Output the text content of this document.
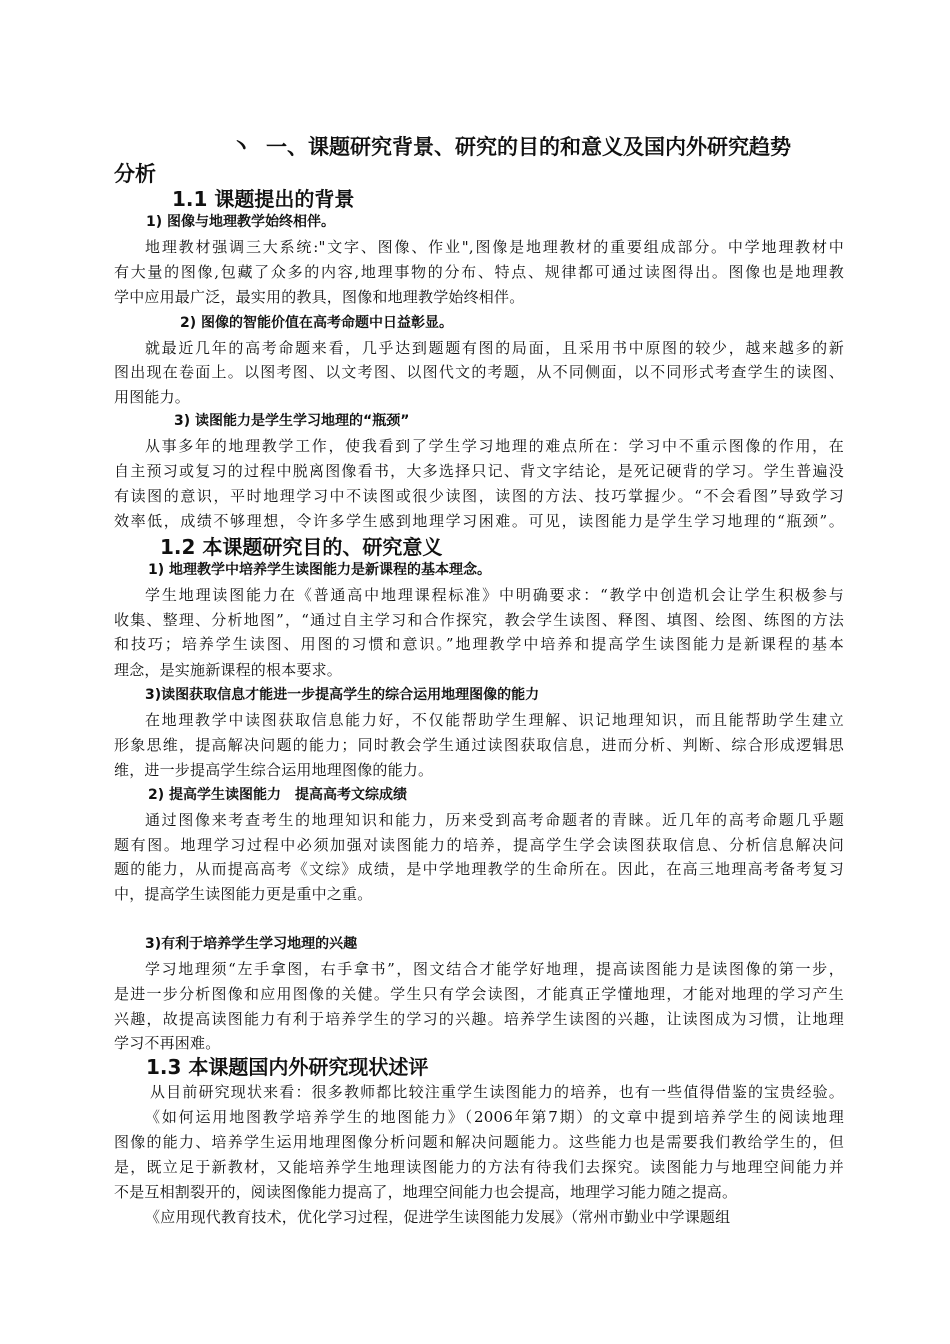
丶 一、课题研究背景、研究的目的和意义及国内外研究趋势
分析
1.1 课题提出的背景
1) 图像与地理教学始终相伴。
地理教材强调三大系统:"文字、图像、作业",图像是地理教材的重要组成部分。中学地理教材中
有大量的图像,包藏了众多的内容,地理事物的分布、特点、规律都可通过读图得出。图像也是地理教
学中应用最广泛，最实用的教具，图像和地理教学始终相伴。
2) 图像的智能价值在高考命题中日益彰显。
就最近几年的高考命题来看，几乎达到题题有图的局面，且采用书中原图的较少，越来越多的新
图出现在卷面上。以图考图、以文考图、以图代文的考题，从不同侧面，以不同形式考查学生的读图、
用图能力。
3) 读图能力是学生学习地理的“瓶颈”
从事多年的地理教学工作，使我看到了学生学习地理的难点所在：学习中不重示图像的作用，在
自主预习或复习的过程中脱离图像看书，大多选择只记、背文字结论，是死记硬背的学习。学生普遍没
有读图的意识，平时地理学习中不读图或很少读图，读图的方法、技巧掌握少。“不会看图”导致学习
效率低，成绩不够理想，令许多学生感到地理学习困难。可见，读图能力是学生学习地理的“瓶颈”。
1.2 本课题研究目的、研究意义
1) 地理教学中培养学生读图能力是新课程的基本理念。
学生地理读图能力在《普通高中地理课程标准》中明确要求：“教学中创造机会让学生积极参与
收集、整理、分析地图”，“通过自主学习和合作探究，教会学生读图、释图、填图、绘图、练图的方法
和技巧；培养学生读图、用图的习惯和意识。”地理教学中培养和提高学生读图能力是新课程的基本
理念，是实施新课程的根本要求。
3)读图获取信息才能进一步提高学生的综合运用地理图像的能力
在地理教学中读图获取信息能力好，不仅能帮助学生理解、识记地理知识，而且能帮助学生建立
形象思维，提高解决问题的能力；同时教会学生通过读图获取信息，进而分析、判断、综合形成逻辑思
维，进一步提高学生综合运用地理图像的能力。
2) 提高学生读图能力　提高高考文综成绩
通过图像来考查考生的地理知识和能力，历来受到高考命题者的青睐。近几年的高考命题几乎题
题有图。地理学习过程中必须加强对读图能力的培养，提高学生学会读图获取信息、分析信息解决问
题的能力，从而提高高考《文综》成绩，是中学地理教学的生命所在。因此，在高三地理高考备考复习
中，提高学生读图能力更是重中之重。
3)有利于培养学生学习地理的兴趣
学习地理须“左手拿图，右手拿书”，图文结合才能学好地理，提高读图能力是读图像的第一步，
是进一步分析图像和应用图像的关健。学生只有学会读图，才能真正学懂地理，才能对地理的学习产生
兴趣，故提高读图能力有利于培养学生的学习的兴趣。培养学生读图的兴趣，让读图成为习惯，让地理
学习不再困难。
1.3 本课题国内外研究现状述评
从目前研究现状来看：很多教师都比较注重学生读图能力的培养，也有一些值得借鉴的宝贵经验。
《如何运用地图教学培养学生的地图能力》（2006年第7期）的文章中提到培养学生的阅读地理
图像的能力、培养学生运用地理图像分析问题和解决问题能力。这些能力也是需要我们教给学生的，但
是，既立足于新教材，又能培养学生地理读图能力的方法有待我们去探究。读图能力与地理空间能力并
不是互相割裂开的，阅读图像能力提高了，地理空间能力也会提高，地理学习能力随之提高。
《应用现代教育技术，优化学习过程，促进学生读图能力发展》（常州市勤业中学课题组
